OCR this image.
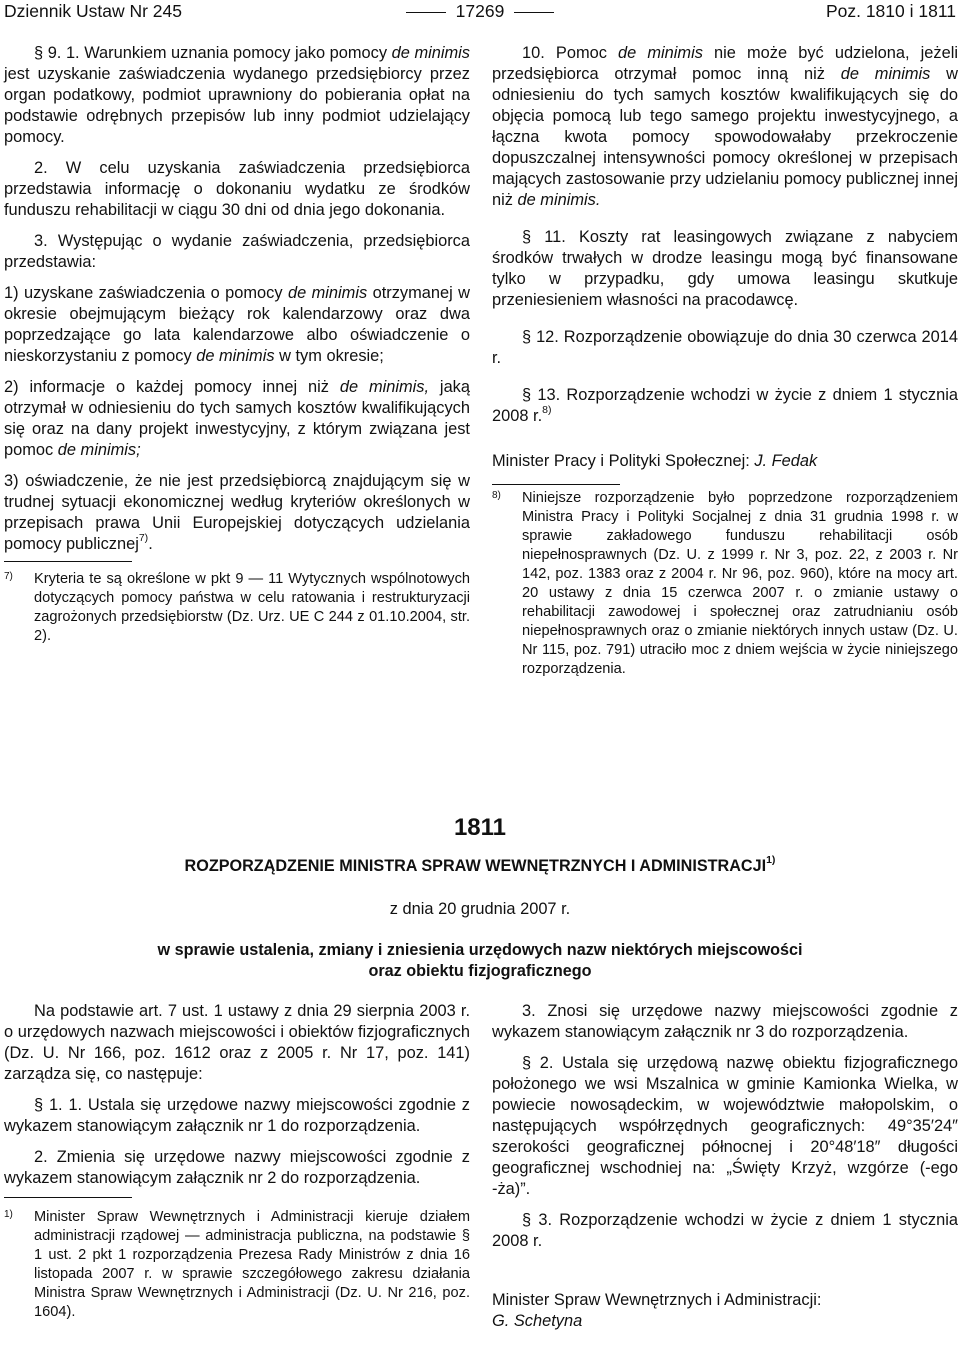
Dziennik Ustaw Nr 245	17269	Poz. 1810 i 1811

§ 9. 1. Warunkiem uznania pomocy jako pomocy de minimis jest uzyskanie zaświadczenia wydanego przedsiębiorcy przez organ podatkowy, podmiot uprawniony do pobierania opłat na podstawie odrębnych przepisów lub inny podmiot udzielający pomocy.

2. W celu uzyskania zaświadczenia przedsiębiorca przedstawia informację o dokonaniu wydatku ze środków funduszu rehabilitacji w ciągu 30 dni od dnia jego dokonania.

3. Występując o wydanie zaświadczenia, przedsiębiorca przedstawia:

1) uzyskane zaświadczenia o pomocy de minimis otrzymanej w okresie obejmującym bieżący rok kalendarzowy oraz dwa poprzedzające go lata kalendarzowe albo oświadczenie o nieskorzystaniu z pomocy de minimis w tym okresie;

2) informacje o każdej pomocy innej niż de minimis, jaką otrzymał w odniesieniu do tych samych kosztów kwalifikujących się oraz na dany projekt inwestycyjny, z którym związana jest pomoc de minimis;

3) oświadczenie, że nie jest przedsiębiorcą znajdującym się w trudnej sytuacji ekonomicznej według kryteriów określonych w przepisach prawa Unii Europejskiej dotyczących udzielania pomocy publicznej$^{7)}$.

7)	Kryteria te są określone w pkt 9 — 11 Wytycznych wspólnotowych dotyczących pomocy państwa w celu ratowania i restrukturyzacji zagrożonych przedsiębiorstw (Dz. Urz. UE C 244 z 01.10.2004, str. 2).

10. Pomoc de minimis nie może być udzielona, jeżeli przedsiębiorca otrzymał pomoc inną niż de minimis w odniesieniu do tych samych kosztów kwalifikujących się do objęcia pomocą lub tego samego projektu inwestycyjnego, a łączna kwota pomocy spowodowałaby przekroczenie dopuszczalnej intensywności pomocy określonej w przepisach mających zastosowanie przy udzielaniu pomocy publicznej innej niż de minimis.

§ 11. Koszty rat leasingowych związane z nabyciem środków trwałych w drodze leasingu mogą być finansowane tylko w przypadku, gdy umowa leasingu skutkuje przeniesieniem własności na pracodawcę.

§ 12. Rozporządzenie obowiązuje do dnia 30 czerwca 2014 r.

§ 13. Rozporządzenie wchodzi w życie z dniem 1 stycznia 2008 r.$^{8)}$

Minister Pracy i Polityki Społecznej: J. Fedak

8)	Niniejsze rozporządzenie było poprzedzone rozporządzeniem Ministra Pracy i Polityki Socjalnej z dnia 31 grudnia 1998 r. w sprawie zakładowego funduszu rehabilitacji osób niepełnosprawnych (Dz. U. z 1999 r. Nr 3, poz. 22, z 2003 r. Nr 142, poz. 1383 oraz z 2004 r. Nr 96, poz. 960), które na mocy art. 20 ustawy z dnia 15 czerwca 2007 r. o zmianie ustawy o rehabilitacji zawodowej i społecznej oraz zatrudnianiu osób niepełnosprawnych oraz o zmianie niektórych innych ustaw (Dz. U. Nr 115, poz. 791) utraciło moc z dniem wejścia w życie niniejszego rozporządzenia.
1811
ROZPORZĄDZENIE MINISTRA SPRAW WEWNĘTRZNYCH I ADMINISTRACJI$^{1)}$
z dnia 20 grudnia 2007 r.
w sprawie ustalenia, zmiany i zniesienia urzędowych nazw niektórych miejscowości
oraz obiektu fizjograficznego

Na podstawie art. 7 ust. 1 ustawy z dnia 29 sierpnia 2003 r. o urzędowych nazwach miejscowości i obiektów fizjograficznych (Dz. U. Nr 166, poz. 1612 oraz z 2005 r. Nr 17, poz. 141) zarządza się, co następuje:

§ 1. 1. Ustala się urzędowe nazwy miejscowości zgodnie z wykazem stanowiącym załącznik nr 1 do rozporządzenia.

2. Zmienia się urzędowe nazwy miejscowości zgodnie z wykazem stanowiącym załącznik nr 2 do rozporządzenia.

1)	Minister Spraw Wewnętrznych i Administracji kieruje działem administracji rządowej — administracja publiczna, na podstawie § 1 ust. 2 pkt 1 rozporządzenia Prezesa Rady Ministrów z dnia 16 listopada 2007 r. w sprawie szczegółowego zakresu działania Ministra Spraw Wewnętrznych i Administracji (Dz. U. Nr 216, poz. 1604).

3. Znosi się urzędowe nazwy miejscowości zgodnie z wykazem stanowiącym załącznik nr 3 do rozporządzenia.

§ 2. Ustala się urzędową nazwę obiektu fizjograficznego położonego we wsi Mszalnica w gminie Kamionka Wielka, w powiecie nowosądeckim, w województwie małopolskim, o następujących współrzędnych geograficznych: 49°35′24″ szerokości geograficznej północnej i 20°48′18″ długości geograficznej wschodniej na: „Święty Krzyż, wzgórze (-ego -ża)”.

§ 3. Rozporządzenie wchodzi w życie z dniem 1 stycznia 2008 r.

Minister Spraw Wewnętrznych i Administracji:

G. Schetyna
